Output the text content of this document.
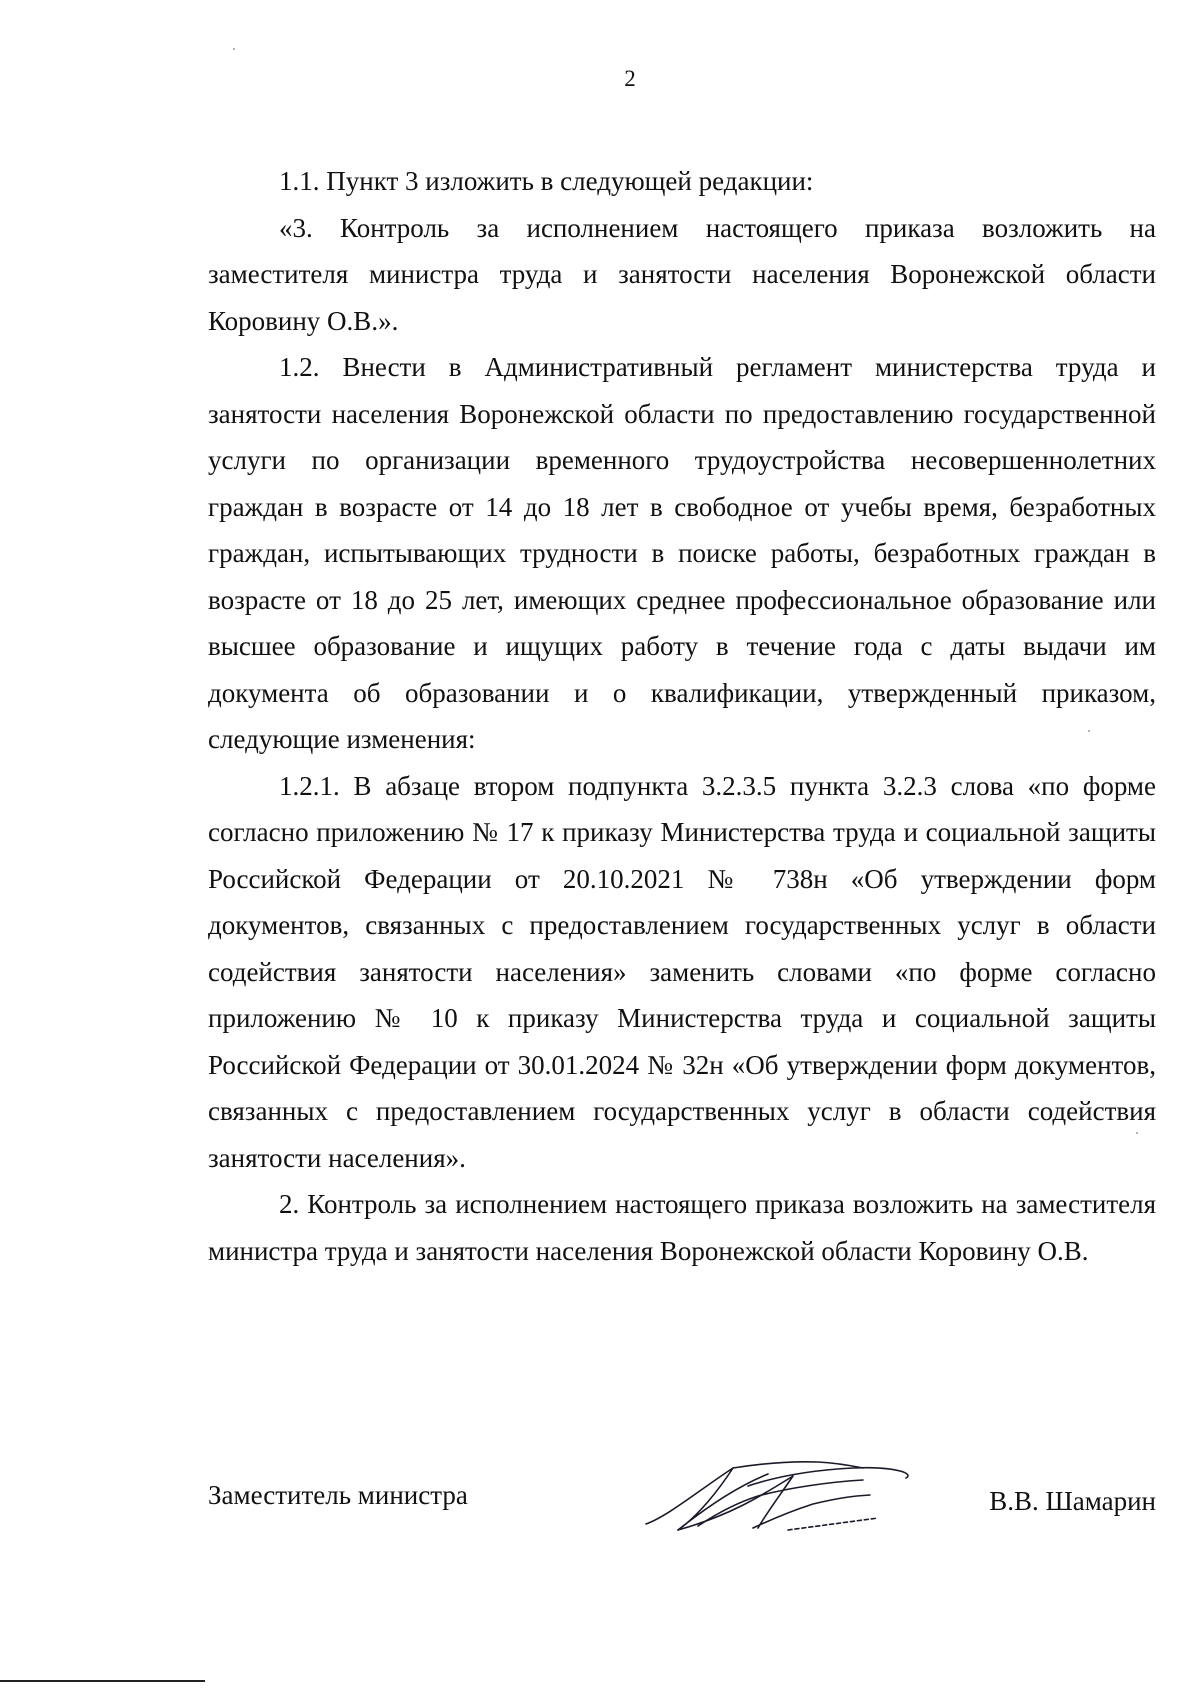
2

1.1. Пункт 3 изложить в следующей редакции:

«3. Контроль за исполнением настоящего приказа возложить на заместителя министра труда и занятости населения Воронежской области Коровину О.В.».

1.2. Внести в Административный регламент министерства труда и занятости населения Воронежской области по предоставлению государственной услуги по организации временного трудоустройства несовершеннолетних граждан в возрасте от 14 до 18 лет в свободное от учебы время, безработных граждан, испытывающих трудности в поиске работы, безработных граждан в возрасте от 18 до 25 лет, имеющих среднее профессиональное образование или высшее образование и ищущих работу в течение года с даты выдачи им документа об образовании и о квалификации, утвержденный приказом, следующие изменения:

1.2.1. В абзаце втором подпункта 3.2.3.5 пункта 3.2.3 слова «по форме согласно приложению № 17 к приказу Министерства труда и социальной защиты Российской Федерации от 20.10.2021 № 738н «Об утверждении форм документов, связанных с предоставлением государственных услуг в области содействия занятости населения» заменить словами «по форме согласно приложению № 10 к приказу Министерства труда и социальной защиты Российской Федерации от 30.01.2024 № 32н «Об утверждении форм документов, связанных с предоставлением государственных услуг в области содействия занятости населения».

2. Контроль за исполнением настоящего приказа возложить на заместителя министра труда и занятости населения Воронежской области Коровину О.В.

Заместитель министра	В.В. Шамарин
